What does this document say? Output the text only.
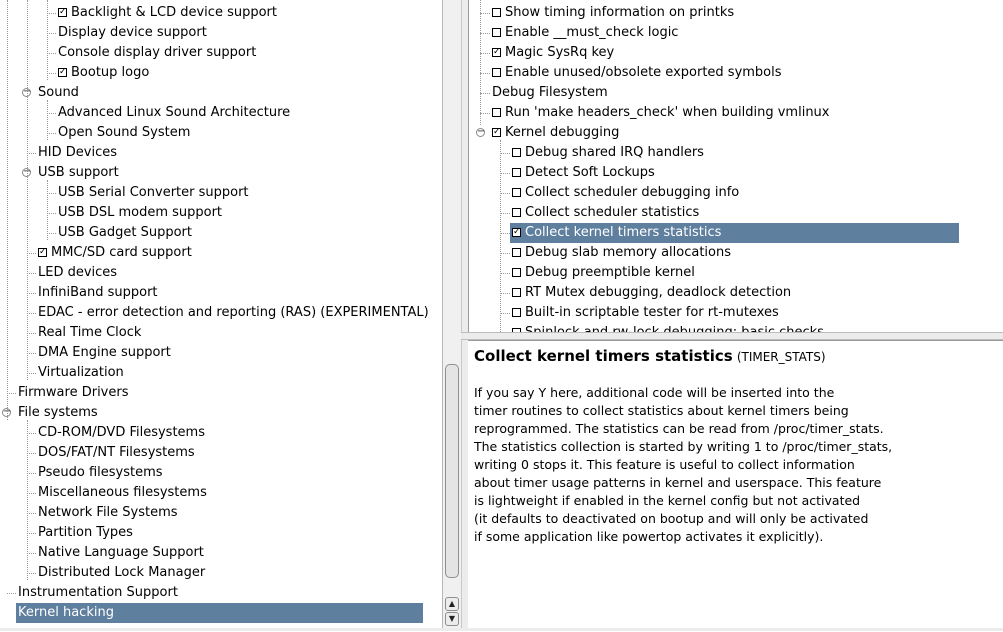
✓ Backlight & LCD device support
Display device support
Console display driver support
✓ Bootup logo
− Sound
Advanced Linux Sound Architecture
Open Sound System
HID Devices
− USB support
USB Serial Converter support
USB DSL modem support
USB Gadget Support
✓ MMC/SD card support
LED devices
InfiniBand support
EDAC - error detection and reporting (RAS) (EXPERIMENTAL)
Real Time Clock
DMA Engine support
Virtualization
Firmware Drivers
− File systems
CD-ROM/DVD Filesystems
DOS/FAT/NT Filesystems
Pseudo filesystems
Miscellaneous filesystems
Network File Systems
Partition Types
Native Language Support
Distributed Lock Manager
Instrumentation Support
Kernel hacking
▲
▼
Show timing information on printks
Enable __must_check logic
✓ Magic SysRq key
Enable unused/obsolete exported symbols
Debug Filesystem
Run 'make headers_check' when building vmlinux
− ✓ Kernel debugging
Debug shared IRQ handlers
Detect Soft Lockups
Collect scheduler debugging info
Collect scheduler statistics
✓ Collect kernel timers statistics
Debug slab memory allocations
Debug preemptible kernel
RT Mutex debugging, deadlock detection
Built-in scriptable tester for rt-mutexes
Collect kernel timers statistics (TIMER_STATS)
If you say Y here, additional code will be inserted into the
timer routines to collect statistics about kernel timers being
reprogrammed. The statistics can be read from /proc/timer_stats.
The statistics collection is started by writing 1 to /proc/timer_stats,
writing 0 stops it. This feature is useful to collect information
about timer usage patterns in kernel and userspace. This feature
is lightweight if enabled in the kernel config but not activated
(it defaults to deactivated on bootup and will only be activated
if some application like powertop activates it explicitly).
